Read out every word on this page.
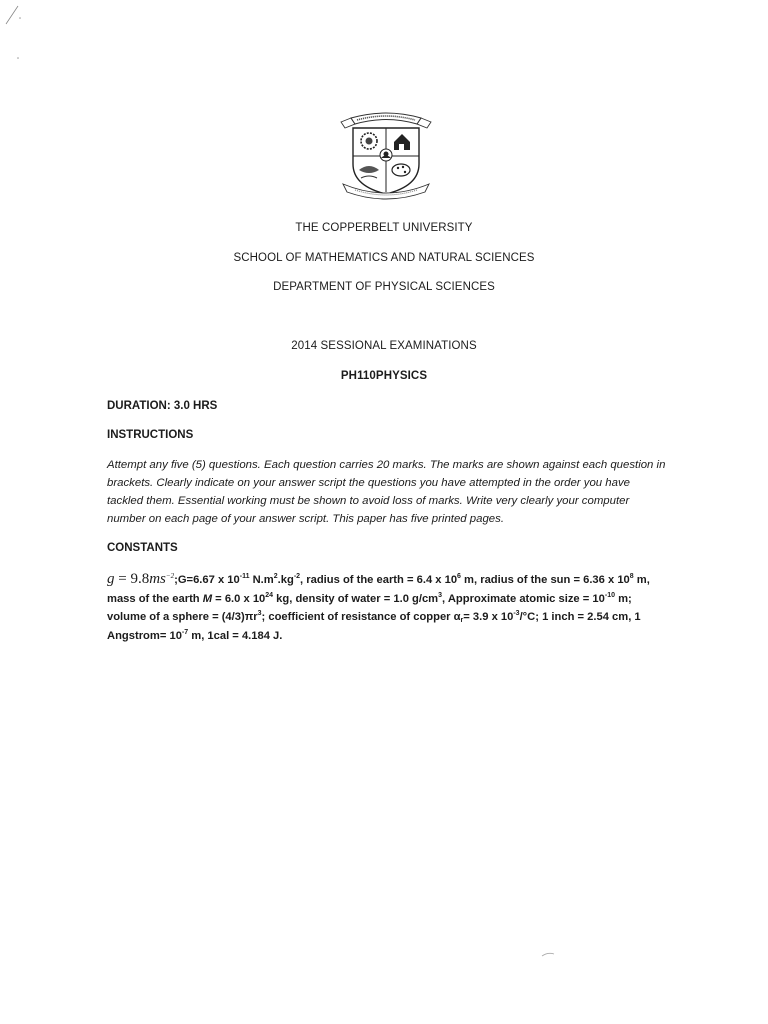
THE COPPERBELT UNIVERSITY
SCHOOL OF MATHEMATICS AND NATURAL SCIENCES
DEPARTMENT OF PHYSICAL SCIENCES
2014 SESSIONAL EXAMINATIONS
PH110PHYSICS
DURATION: 3.0 HRS
INSTRUCTIONS
Attempt any five (5) questions. Each question carries 20 marks. The marks are shown against each question in brackets. Clearly indicate on your answer script the questions you have attempted in the order you have tackled them. Essential working must be shown to avoid loss of marks. Write very clearly your computer number on each page of your answer script. This paper has five printed pages.
CONSTANTS
$g = 9.8ms^{-2};G=6.67$ x $10^{-11}$ $N.m^2.kg^{-2}$, radius of the earth = 6.4 x $10^6$ m, radius of the sun = 6.36 x $10^8$ m, mass of the earth M = 6.0 x $10^{24}$ kg, density of water = 1.0 $g/cm^3$, Approximate atomic size = $10^{-10}$ m; volume of a sphere = $(4/3)\pi r^3$; coefficient of resistance of copper $\alpha_r= 3.9$ x $10^{-3}/^\circ C$; 1 inch = 2.54 cm, 1 Angstrom= $10^{-7}$ m, 1cal = 4.184 J.
